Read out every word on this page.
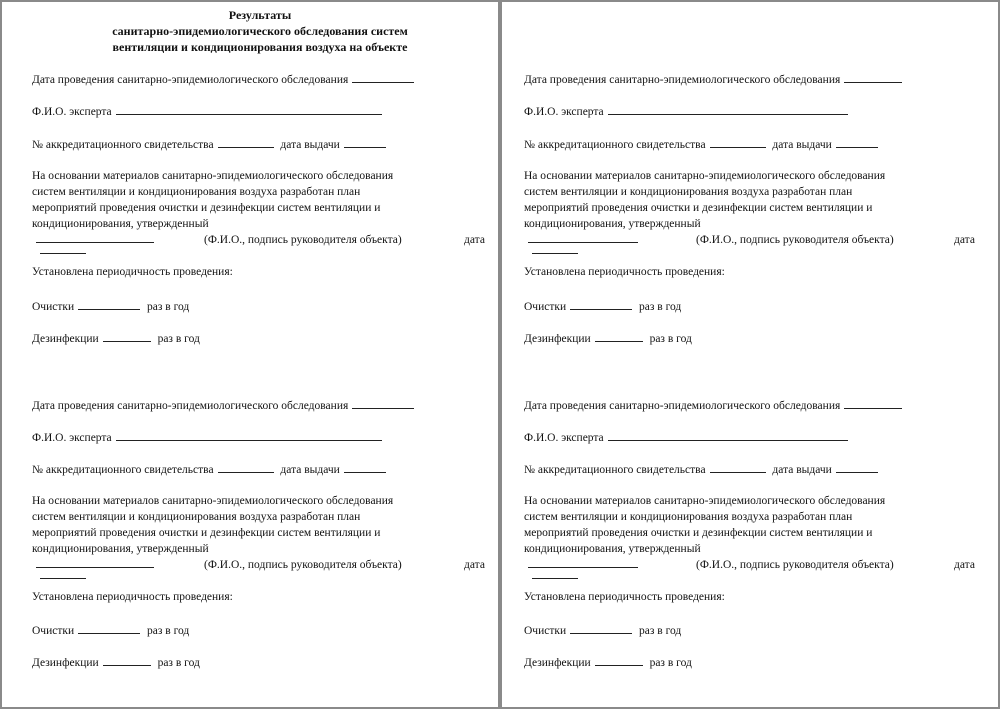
Результаты
санитарно-эпидемиологического обследования систем
вентиляции и кондиционирования воздуха на объекте
Дата проведения санитарно-эпидемиологического обследования
Ф.И.О. эксперта
№ аккредитационного свидетельства	дата выдачи
На основании материалов санитарно-эпидемиологического обследования
систем вентиляции и кондиционирования воздуха разработан план
мероприятий проведения очистки и дезинфекции систем вентиляции и
кондиционирования, утвержденный
(Ф.И.О., подпись руководителя объекта)	дата
Установлена периодичность проведения:
Очистки	раз в год
Дезинфекции	раз в год
Дата проведения санитарно-эпидемиологического обследования
Ф.И.О. эксперта
№ аккредитационного свидетельства	дата выдачи
На основании материалов санитарно-эпидемиологического обследования
систем вентиляции и кондиционирования воздуха разработан план
мероприятий проведения очистки и дезинфекции систем вентиляции и
кондиционирования, утвержденный
(Ф.И.О., подпись руководителя объекта)	дата
Установлена периодичность проведения:
Очистки	раз в год
Дезинфекции	раз в год
Дата проведения санитарно-эпидемиологического обследования
Ф.И.О. эксперта
№ аккредитационного свидетельства	дата выдачи
На основании материалов санитарно-эпидемиологического обследования
систем вентиляции и кондиционирования воздуха разработан план
мероприятий проведения очистки и дезинфекции систем вентиляции и
кондиционирования, утвержденный
(Ф.И.О., подпись руководителя объекта)	дата
Установлена периодичность проведения:
Очистки	раз в год
Дезинфекции	раз в год
Дата проведения санитарно-эпидемиологического обследования
Ф.И.О. эксперта
№ аккредитационного свидетельства	дата выдачи
На основании материалов санитарно-эпидемиологического обследования
систем вентиляции и кондиционирования воздуха разработан план
мероприятий проведения очистки и дезинфекции систем вентиляции и
кондиционирования, утвержденный
(Ф.И.О., подпись руководителя объекта)	дата
Установлена периодичность проведения:
Очистки	раз в год
Дезинфекции	раз в год
